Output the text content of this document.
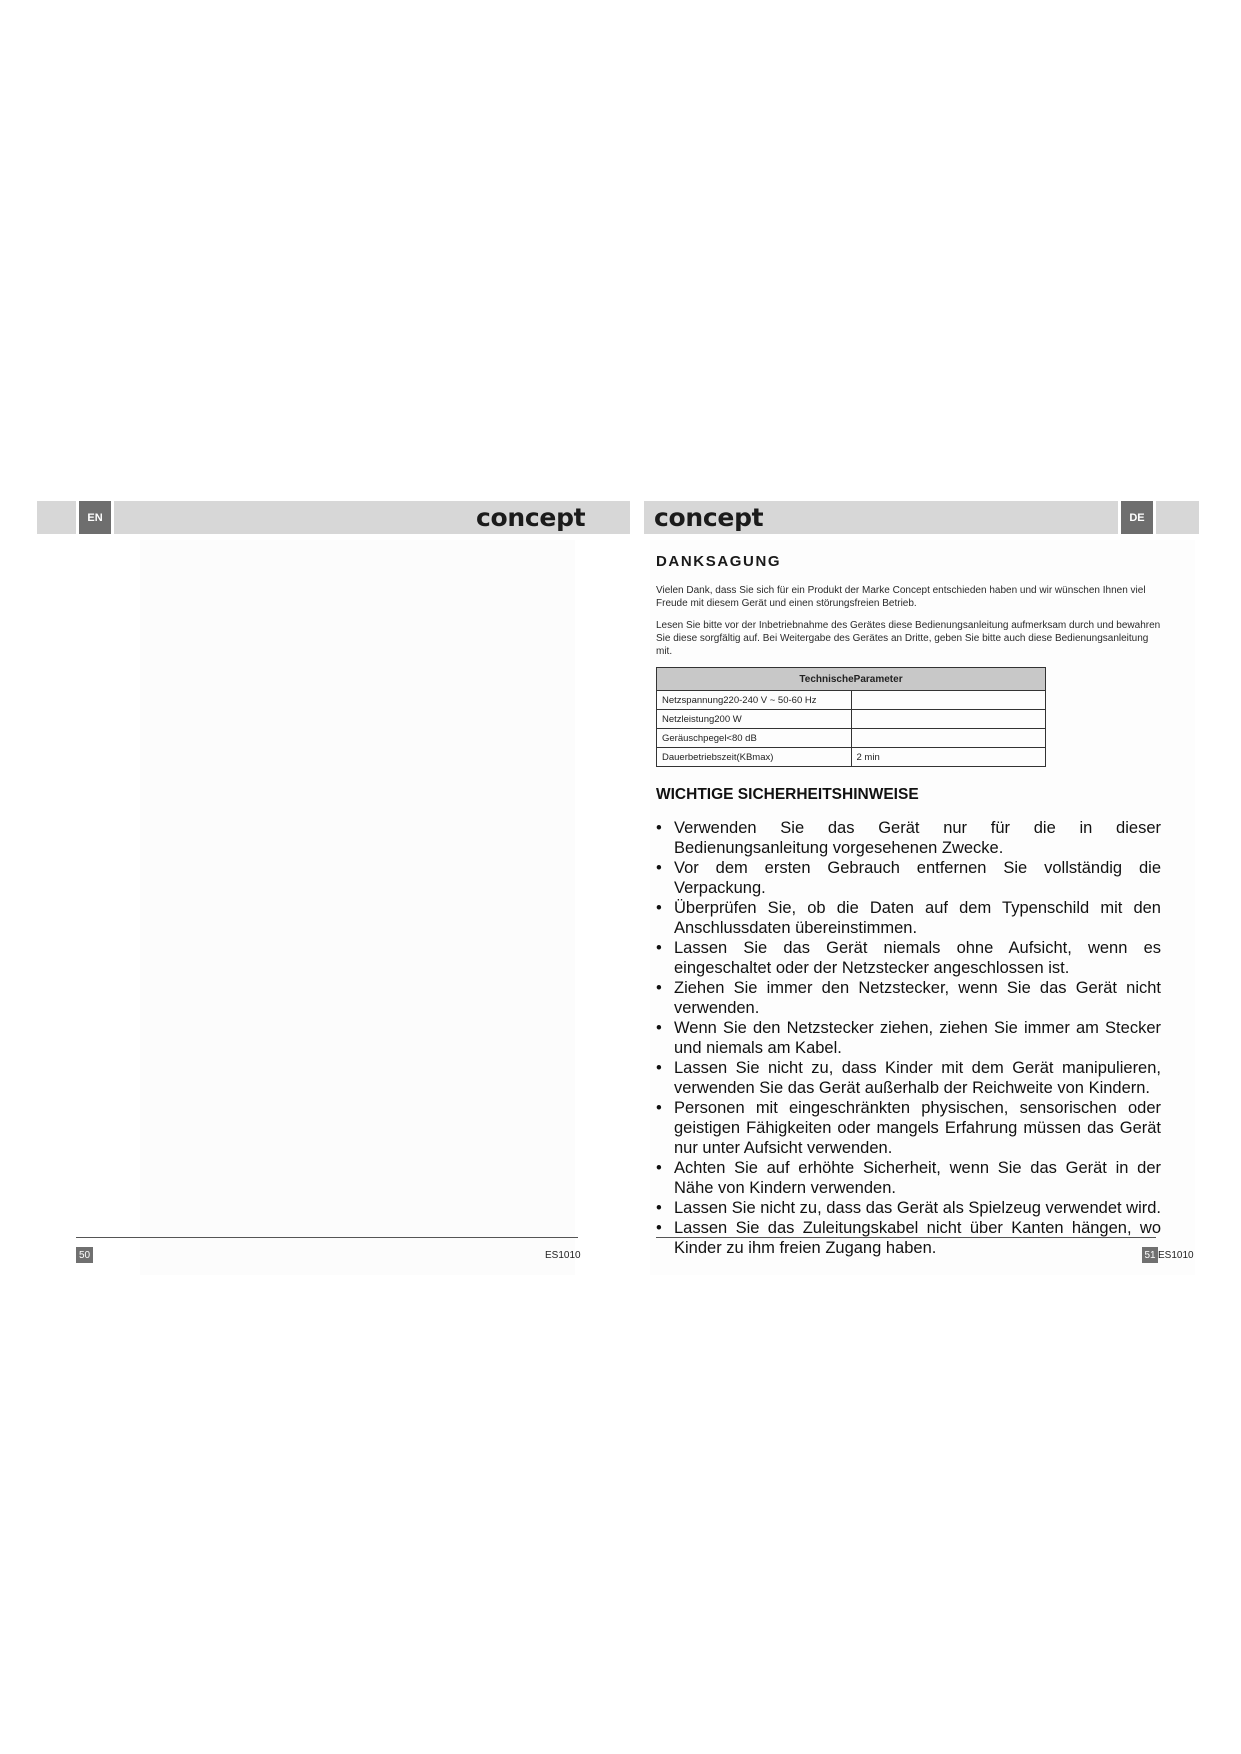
EN	DE
concept	concept
DANKSAGUNG

Vielen Dank, dass Sie sich für ein Produkt der Marke Concept entschieden haben und wir wünschen Ihnen viel Freude mit diesem Gerät und einen störungsfreien Betrieb.

Lesen Sie bitte vor der Inbetriebnahme des Gerätes diese Bedienungsanleitung aufmerksam durch und bewahren Sie diese sorgfältig auf. Bei Weitergabe des Gerätes an Dritte, geben Sie bitte auch diese Bedienungsanleitung mit.

TechnischeParameter	
Netzspannung220-240 V ~ 50-60 Hz	
Netzleistung200 W	
Geräuschpegel<80 dB	
Dauerbetriebszeit(KBmax)	2 min
WICHTIGE SICHERHEITSHINWEISE
• Verwenden Sie das Gerät nur für die in dieser Bedienungsanleitung vorgesehenen Zwecke.
• Vor dem ersten Gebrauch entfernen Sie vollständig die Verpackung.
• Überprüfen Sie, ob die Daten auf dem Typenschild mit den Anschlussdaten übereinstimmen.
• Lassen Sie das Gerät niemals ohne Aufsicht, wenn es eingeschaltet oder der Netzstecker angeschlossen ist.
• Ziehen Sie immer den Netzstecker, wenn Sie das Gerät nicht verwenden.
• Wenn Sie den Netzstecker ziehen, ziehen Sie immer am Stecker und niemals am Kabel.
• Lassen Sie nicht zu, dass Kinder mit dem Gerät manipulieren, verwenden Sie das Gerät außerhalb der Reichweite von Kindern.
• Personen mit eingeschränkten physischen, sensorischen oder geistigen Fähigkeiten oder mangels Erfahrung müssen das Gerät nur unter Aufsicht verwenden.
• Achten Sie auf erhöhte Sicherheit, wenn Sie das Gerät in der Nähe von Kindern verwenden.
• Lassen Sie nicht zu, dass das Gerät als Spielzeug verwendet wird.
• Lassen Sie das Zuleitungskabel nicht über Kanten hängen, wo Kinder zu ihm freien Zugang haben.
50	ES1010	51 ES1010
